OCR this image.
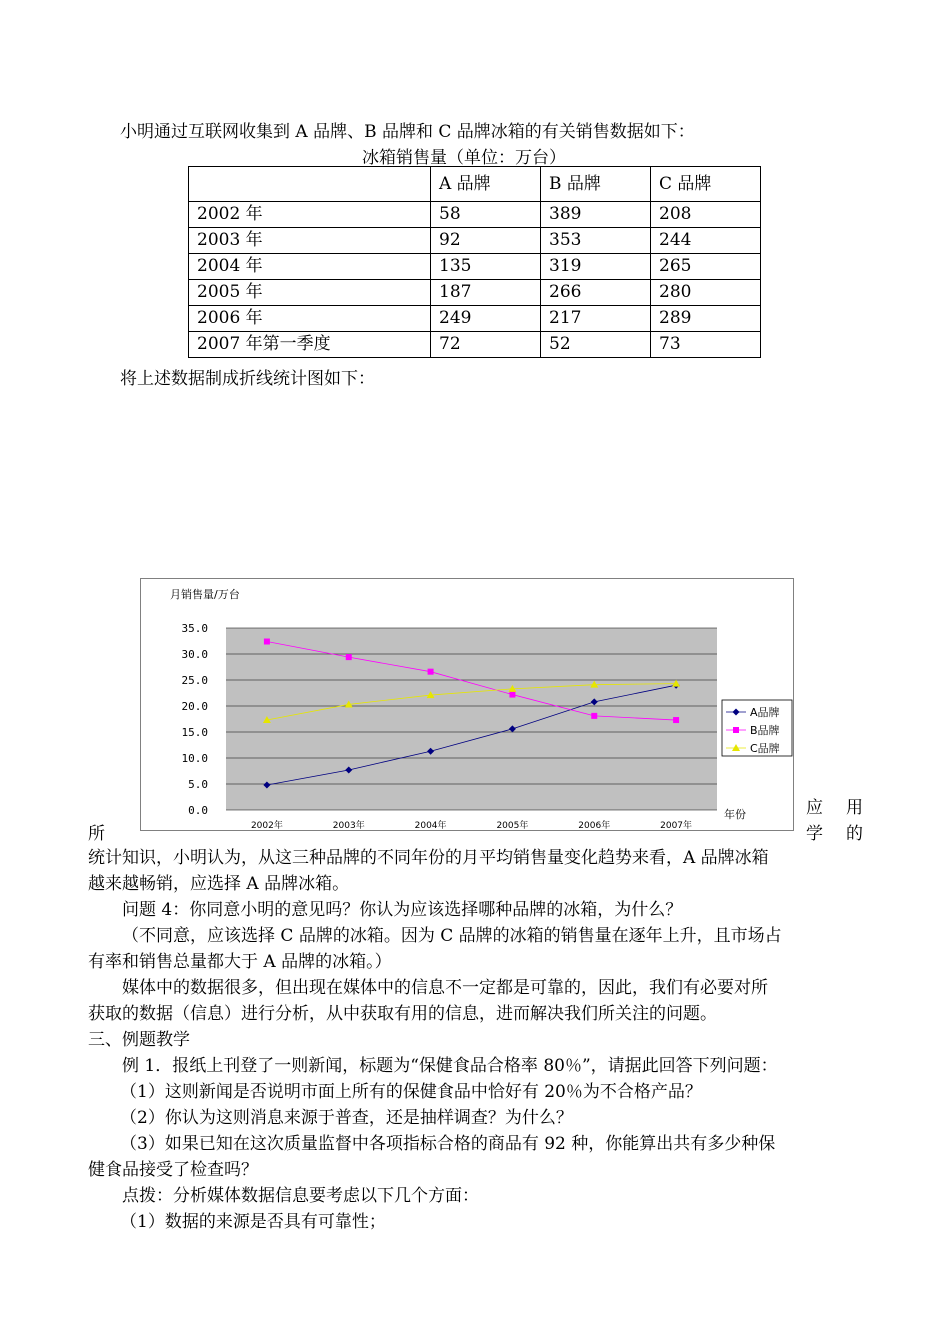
小明通过互联网收集到 A 品牌、B 品牌和 C 品牌冰箱的有关销售数据如下：
冰箱销售量（单位：万台）
	A 品牌	B 品牌	C 品牌
2002 年	58	389	208
2003 年	92	353	244
2004 年	135	319	265
2005 年	187	266	280
2006 年	249	217	289
2007 年第一季度	72	52	73
将上述数据制成折线统计图如下：
0.0
5.0
10.0
15.0
20.0
25.0
30.0
35.0
2002年	2003年	2004年	2005年	2006年	2007年
月销售量/万台
年份
A品牌
B品牌
C品牌
应 用
所	学 的
统计知识，小明认为，从这三种品牌的不同年份的月平均销售量变化趋势来看，A 品牌冰箱
越来越畅销，应选择 A 品牌冰箱。
问题 4：你同意小明的意见吗？你认为应该选择哪种品牌的冰箱，为什么？
（不同意，应该选择 C 品牌的冰箱。因为 C 品牌的冰箱的销售量在逐年上升，且市场占
有率和销售总量都大于 A 品牌的冰箱。）
媒体中的数据很多，但出现在媒体中的信息不一定都是可靠的，因此，我们有必要对所
获取的数据（信息）进行分析，从中获取有用的信息，进而解决我们所关注的问题。
三、例题教学
例 1．报纸上刊登了一则新闻，标题为“保健食品合格率 80％”，请据此回答下列问题：
（1）这则新闻是否说明市面上所有的保健食品中恰好有 20％为不合格产品？
（2）你认为这则消息来源于普查，还是抽样调查？为什么？
（3）如果已知在这次质量监督中各项指标合格的商品有 92 种，你能算出共有多少种保
健食品接受了检查吗？
点拨：分析媒体数据信息要考虑以下几个方面：
（1）数据的来源是否具有可靠性；
